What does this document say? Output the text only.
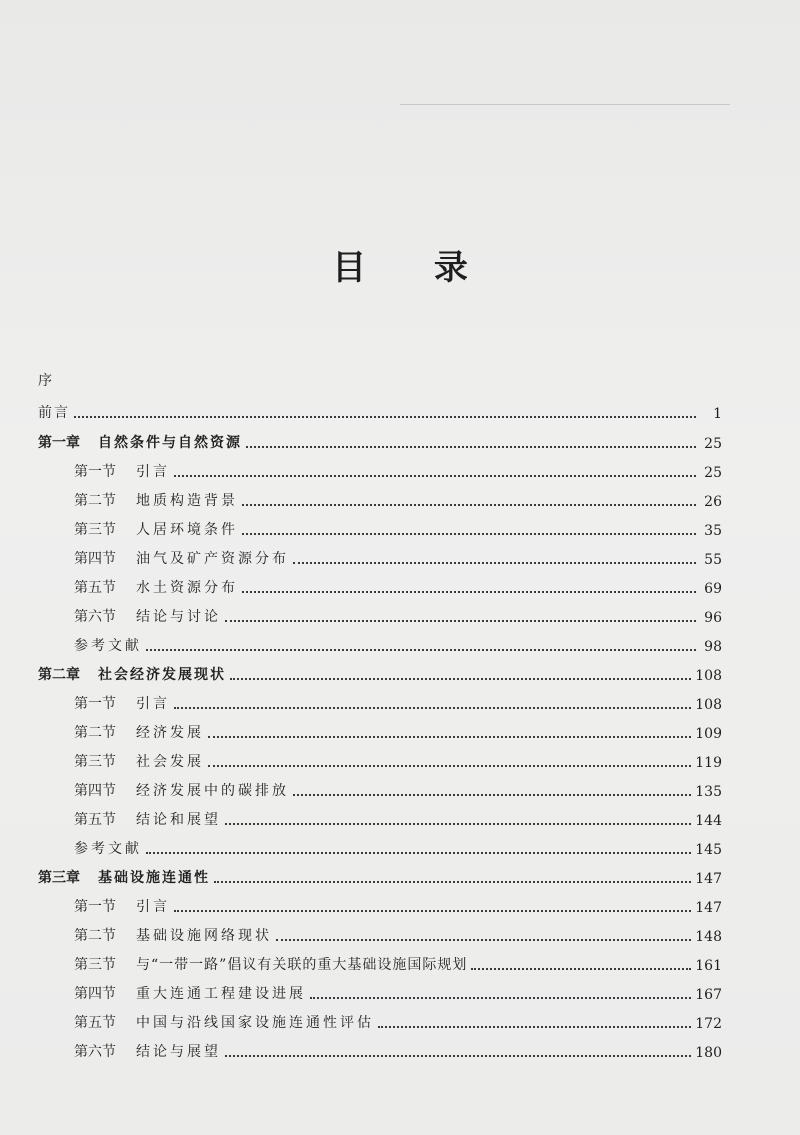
目 录
序
前言	1
第一章 自然条件与自然资源	25
第一节 引言	25
第二节 地质构造背景	26
第三节 人居环境条件	35
第四节 油气及矿产资源分布	55
第五节 水土资源分布	69
第六节 结论与讨论	96
参考文献	98
第二章 社会经济发展现状	108
第一节 引言	108
第二节 经济发展	109
第三节 社会发展	119
第四节 经济发展中的碳排放	135
第五节 结论和展望	144
参考文献	145
第三章 基础设施连通性	147
第一节 引言	147
第二节 基础设施网络现状	148
第三节 与“一带一路”倡议有关联的重大基础设施国际规划	161
第四节 重大连通工程建设进展	167
第五节 中国与沿线国家设施连通性评估	172
第六节 结论与展望	180
